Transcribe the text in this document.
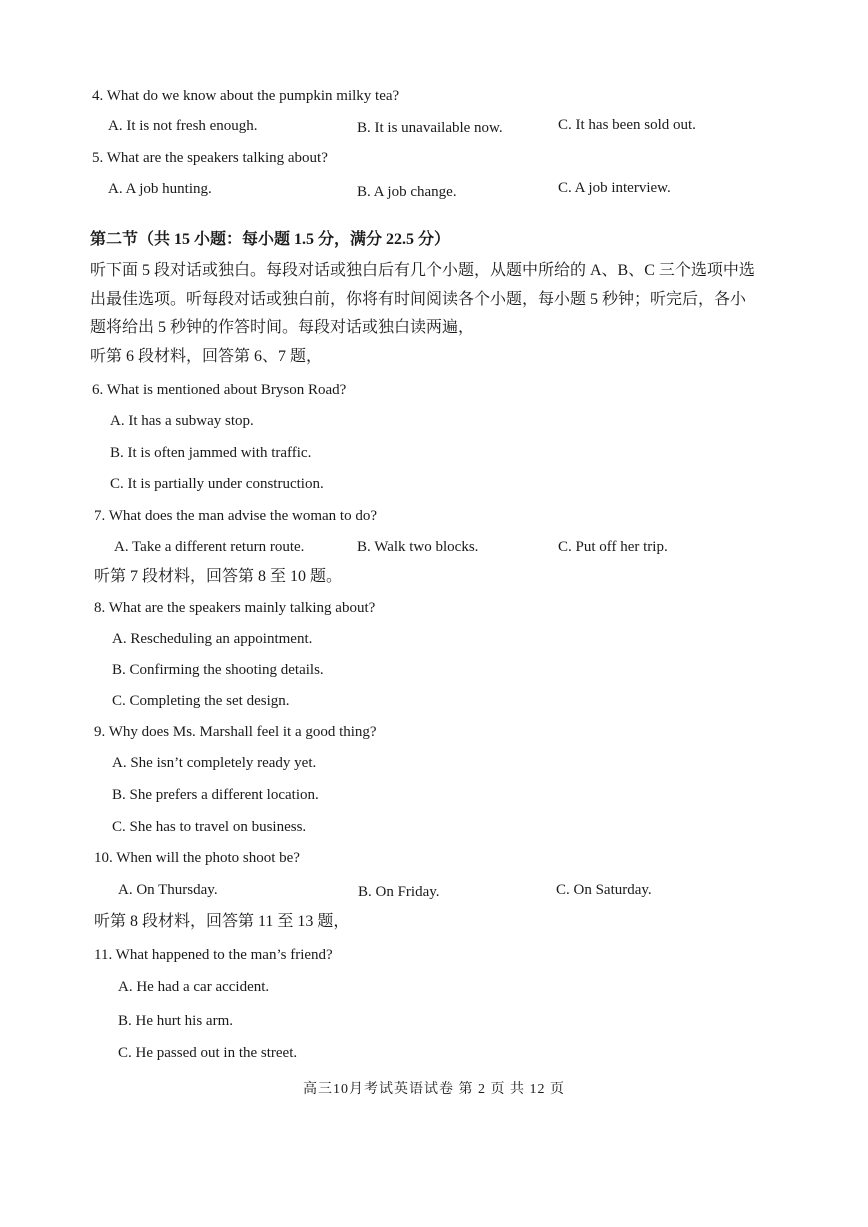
4. What do we know about the pumpkin milky tea?
A. It is not fresh enough.	B. It is unavailable now.	C. It has been sold out.
5. What are the speakers talking about?
A. A job hunting.	B. A job change.	C. A job interview.
第二节（共 15 小题：每小题 1.5 分，满分 22.5 分）
听下面 5 段对话或独白。每段对话或独白后有几个小题，从题中所给的 A、B、C 三个选项中选
出最佳选项。听每段对话或独白前，你将有时间阅读各个小题，每小题 5 秒钟；听完后，各小
题将给出 5 秒钟的作答时间。每段对话或独白读两遍，
听第 6 段材料，回答第 6、7 题，
6. What is mentioned about Bryson Road?
A. It has a subway stop.
B. It is often jammed with traffic.
C. It is partially under construction.
7. What does the man advise the woman to do?
A. Take a different return route.	B. Walk two blocks.	C. Put off her trip.
听第 7 段材料，回答第 8 至 10 题。
8. What are the speakers mainly talking about?
A. Rescheduling an appointment.
B. Confirming the shooting details.
C. Completing the set design.
9. Why does Ms. Marshall feel it a good thing?
A. She isn’t completely ready yet.
B. She prefers a different location.
C. She has to travel on business.
10. When will the photo shoot be?
A. On Thursday.	B. On Friday.	C. On Saturday.
听第 8 段材料，回答第 11 至 13 题，
11. What happened to the man’s friend?
A. He had a car accident.
B. He hurt his arm.
C. He passed out in the street.
高三10月考试英语试卷 第 2 页 共 12 页
